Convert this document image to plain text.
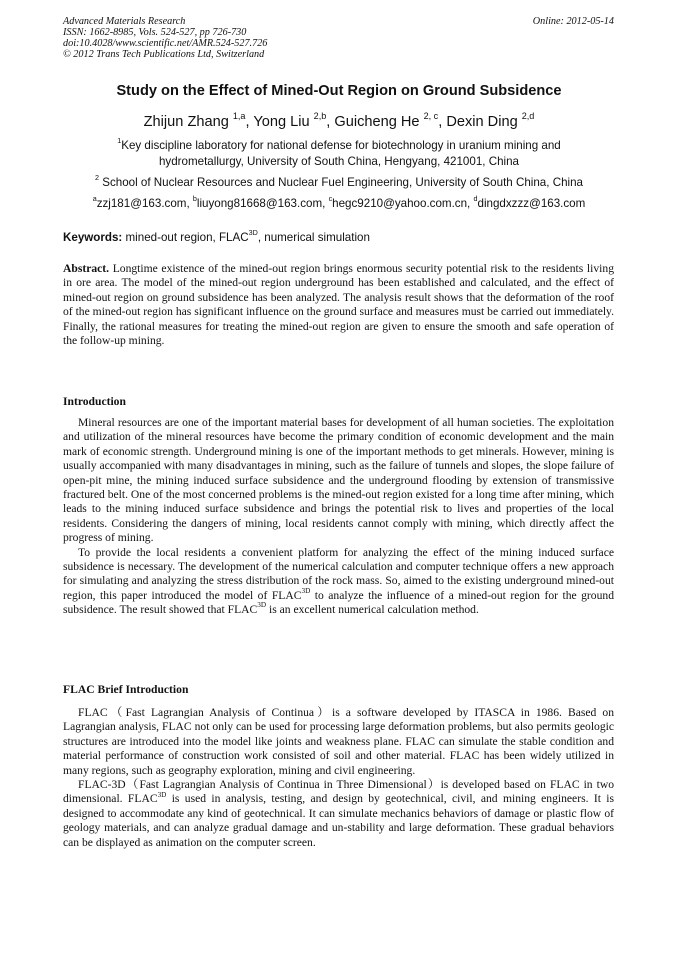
Advanced Materials Research
ISSN: 1662-8985, Vols. 524-527, pp 726-730
doi:10.4028/www.scientific.net/AMR.524-527.726
© 2012 Trans Tech Publications Ltd, Switzerland
Online: 2012-05-14
Study on the Effect of Mined-Out Region on Ground Subsidence
Zhijun Zhang $^{1,a}$, Yong Liu $^{2,b}$, Guicheng He $^{2, c}$, Dexin Ding $^{2,d}$
$^1$Key discipline laboratory for national defense for biotechnology in uranium mining and hydrometallurgy, University of South China, Hengyang, 421001, China
$^2$ School of Nuclear Resources and Nuclear Fuel Engineering, University of South China, China
$^a$zzj181@163.com, $^b$liuyong81668@163.com, $^c$hegc9210@yahoo.com.cn, $^d$dingdxzzz@163.com
Keywords: mined-out region, $FLAC^{3D}$, numerical simulation
Abstract. Longtime existence of the mined-out region brings enormous security potential risk to the residents living in ore area. The model of the mined-out region underground has been established and calculated, and the effect of mined-out region on ground subsidence has been analyzed. The analysis result shows that the deformation of the roof of the mined-out region has significant influence on the ground surface and measures must be carried out immediately. Finally, the rational measures for treating the mined-out region are given to ensure the smooth and safe operation of the follow-up mining.
Introduction

Mineral resources are one of the important material bases for development of all human societies. The exploitation and utilization of the mineral resources have become the primary condition of economic development and the main mark of economic strength. Underground mining is one of the important methods to get minerals. However, mining is usually accompanied with many disadvantages in mining, such as the failure of tunnels and slopes, the slope failure of open-pit mine, the mining induced surface subsidence and the underground flooding by extension of transmissive fractured belt. One of the most concerned problems is the mined-out region existed for a long time after mining, which leads to the mining induced surface subsidence and brings the potential risk to lives and properties of the local residents. Considering the dangers of mining, local residents cannot comply with mining, which directly affect the progress of mining.

To provide the local residents a convenient platform for analyzing the effect of the mining induced surface subsidence is necessary. The development of the numerical calculation and computer technique offers a new approach for simulating and analyzing the stress distribution of the rock mass. So, aimed to the existing underground mined-out region, this paper introduced the model of $FLAC^{3D}$ to analyze the influence of a mined-out region for the ground subsidence. The result showed that $FLAC^{3D}$ is an excellent numerical calculation method.

FLAC Brief Introduction

FLAC（Fast Lagrangian Analysis of Continua）is a software developed by ITASCA in 1986. Based on Lagrangian analysis, FLAC not only can be used for processing large deformation problems, but also permits geologic structures are introduced into the model like joints and weakness plane. FLAC can simulate the stable condition and material performance of construction work consisted of soil and other material. FLAC has been widely utilized in many regions, such as geography exploration, mining and civil engineering.

FLAC-3D（Fast Lagrangian Analysis of Continua in Three Dimensional）is developed based on FLAC in two dimensional. $FLAC^{3D}$ is used in analysis, testing, and design by geotechnical, civil, and mining engineers. It is designed to accommodate any kind of geotechnical. It can simulate mechanics behaviors of damage or plastic flow of geology materials, and can analyze gradual damage and un-stability and large deformation. These gradual behaviors can be displayed as animation on the computer screen.
